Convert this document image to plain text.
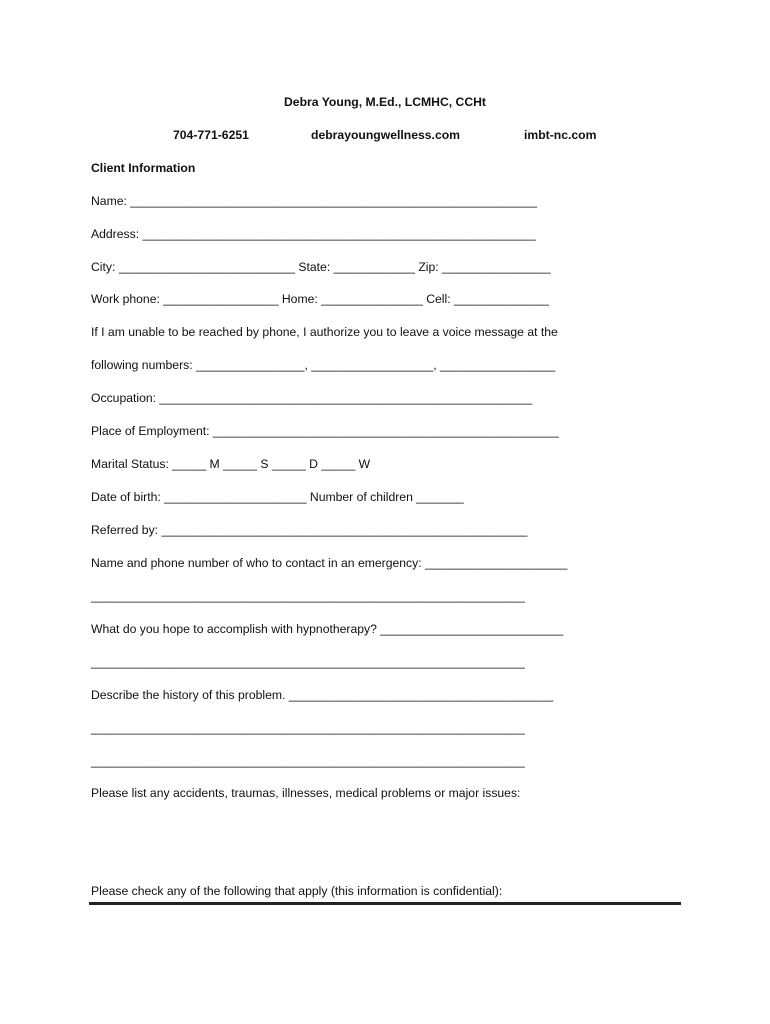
Debra Young, M.Ed., LCMHC, CCHt
704-771-6251	debrayoungwellness.com	imbt-nc.com
Client Information
Name: ____________________________________________________________
Address: __________________________________________________________
City: __________________________ State: ____________ Zip: ________________
Work phone: _________________ Home: _______________ Cell: ______________
If I am unable to be reached by phone, I authorize you to leave a voice message at the
following numbers: ________________, __________________, _________________
Occupation: _______________________________________________________
Place of Employment: ___________________________________________________
Marital Status: _____ M _____ S _____ D _____ W
Date of birth: _____________________ Number of children _______
Referred by: ______________________________________________________
Name and phone number of who to contact in an emergency: _____________________
________________________________________________________________
What do you hope to accomplish with hypnotherapy? ___________________________
________________________________________________________________
Describe the history of this problem. _______________________________________
________________________________________________________________
________________________________________________________________
Please list any accidents, traumas, illnesses, medical problems or major issues:
Please check any of the following that apply (this information is confidential):
